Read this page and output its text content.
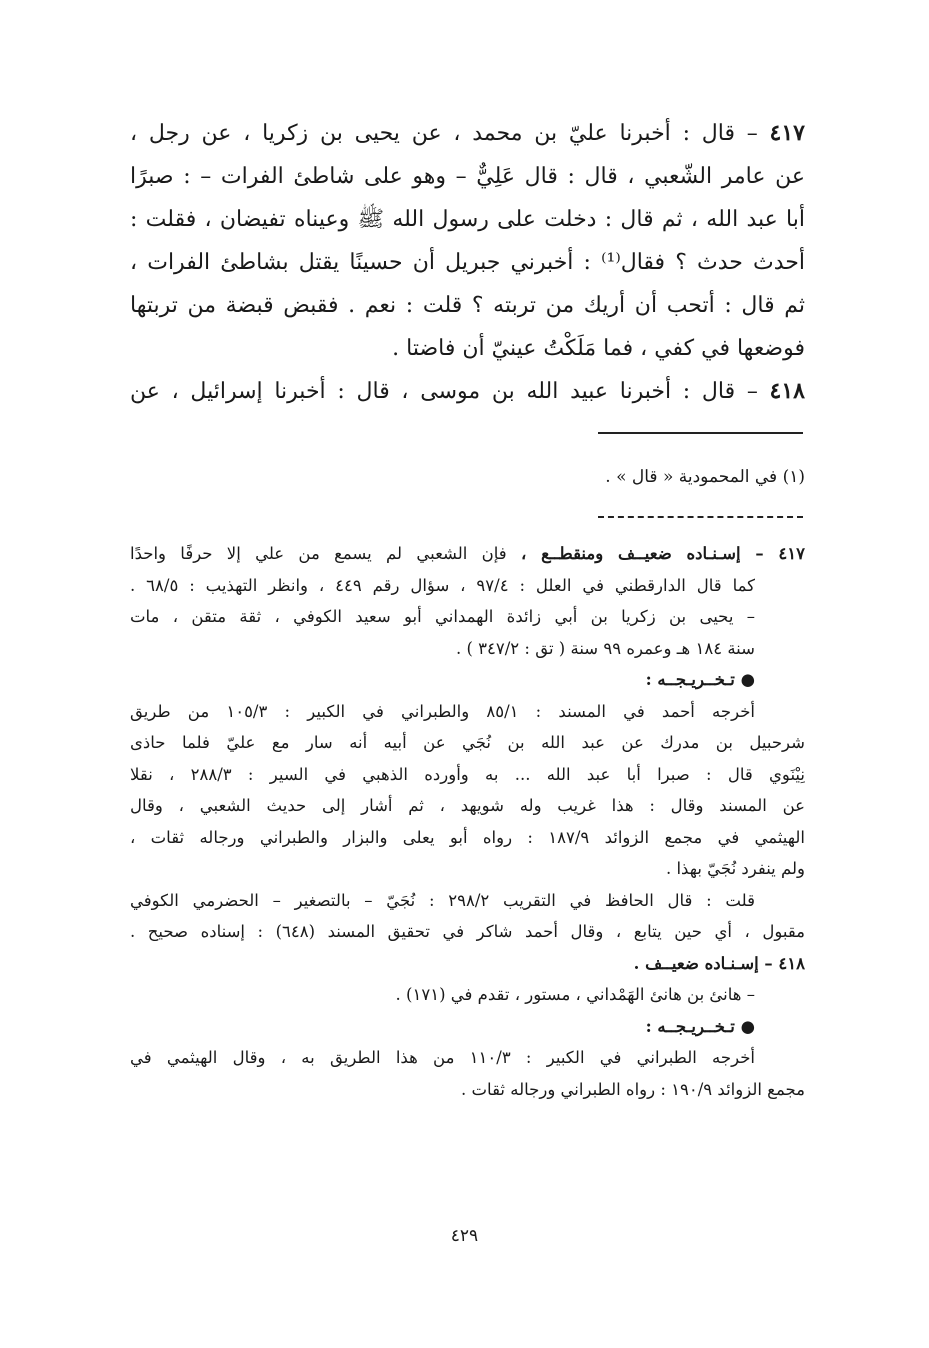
٤١٧ – قال : أخبرنا عليّ بن محمد ، عن يحيى بن زكريا ، عن رجل ،
عن عامر الشّعبي ، قال : قال عَلِيٌّ – وهو على شاطئ الفرات – : صبرًا
أبا عبد الله ، ثم قال : دخلت على رسول الله ﷺ وعيناه تفيضان ، فقلت :
أحدث حدث ؟ فقال⁽¹⁾ : أخبرني جبريل أن حسينًا يقتل بشاطئ الفرات ،
ثم قال : أتحب أن أريك من تربته ؟ قلت : نعم . فقبض قبضة من تربتها
فوضعها في كفي ، فما مَلَكْتُ عينيّ أن فاضتا .
٤١٨ – قال : أخبرنا عبيد الله بن موسى ، قال : أخبرنا إسرائيل ، عن
(١) في المحمودية « قال » .
٤١٧ – إسـنـاده ضعيــف ومنقطــع ، فإن الشعبي لم يسمع من علي إلا حرفًا واحدًا
كما قال الدارقطني في العلل : ٩٧/٤ ، سؤال رقم ٤٤٩ ، وانظر التهذيب : ٦٨/٥ .
– يحيى بن زكريا بن أبي زائدة الهمداني أبو سعيد الكوفي ، ثقة متقن ، مات
سنة ١٨٤ هـ وعمره ٩٩ سنة ( تق : ٣٤٧/٢ ) .
● تـخــريـجــه :
أخرجه أحمد في المسند : ٨٥/١ والطبراني في الكبير : ١٠٥/٣ من طريق
شرحبيل بن مدرك عن عبد الله بن نُجَي عن أبيه أنه سار مع عليّ فلما حاذى
نِيْنَوي قال : صبرا أبا عبد الله ... به وأورده الذهبي في السير : ٢٨٨/٣ ، نقلا
عن المسند وقال : هذا غريب وله شويهد ، ثم أشار إلى حديث الشعبي ، وقال
الهيثمي في مجمع الزوائد ١٨٧/٩ : رواه أبو يعلى والبزار والطبراني ورجاله ثقات ،
ولم ينفرد نُجَيّ بهذا .
قلت : قال الحافظ في التقريب ٢٩٨/٢ : نُجَيّ – بالتصغير – الحضرمي الكوفي
مقبول ، أي حين يتابع ، وقال أحمد شاكر في تحقيق المسند (٦٤٨) : إسناده صحيح .
٤١٨ – إسـنـاده ضعيــف .
– هانئ بن هانئ الهَمْداني ، مستور ، تقدم في (١٧١) .
● تـخــريـجــه :
أخرجه الطبراني في الكبير : ١١٠/٣ من هذا الطريق به ، وقال الهيثمي في
مجمع الزوائد ١٩٠/٩ : رواه الطبراني ورجاله ثقات .
٤٢٩
